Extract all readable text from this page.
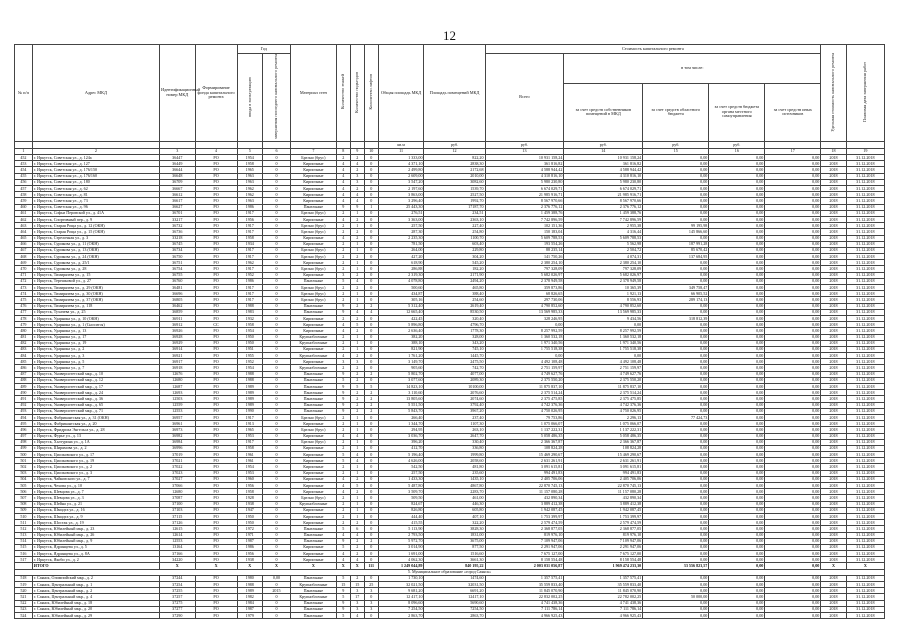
12
№ п/п	Адрес МКД	Идентификационный номер МКД	Формирование фонда капитального ремонта	Год		Материал стен	Количество этажей	Количество подъездов	Количество лифтов	Общая площадь МКД	Площадь помещений МКД	Стоимость капитального ремонта					Удельная стоимость капитального ремонта	Плановая дата завершения работ
				ввода в эксплуатацию	завершения последнего капитального ремонта							Всего	в том числе:					
													за счет средств собственников помещений в МКД	за счет средств областного бюджета	за счет средств бюджета органа местного самоуправления	за счет средств иных источников		
										кв.м	руб.	руб.	руб.	руб.	руб.			
1	2	3	4	5	6	7	8	9	10	11	12	13	14	15	16	17	18	19
452	г. Иркутск, Советская ул., д. 124а	36447	РО	1954	0	Брелно (брус)	2	2	0	1 333,00	822,20	10 931 158,24	10 931 158,24	0,00	0,00	0,00	2018	31.12.2018
453	г. Иркутск, Советская ул., д. 127	36449	РО	1958	0	Кирпичные	4	4	0	4 371,10	2838,30	361 816,82	361 816,82	0,00	0,00	0,00	2018	31.12.2018
454	г. Иркутск, Советская ул., д. 176/150	36644	РО	1965	0	Кирпичные	4	2	0	2 499,80	2172,68	4 588 944,42	4 588 944,42	0,00	0,00	0,00	2018	31.12.2018
455	г. Иркутск, Советская ул., д. 176/160	36648	РО	1963	0	Кирпичные	4	3	0	2 609,00	2010,00	4 310 816,10	4 310 816,10	0,00	0,00	0,00	2018	31.12.2018
456	г. Иркутск, Советская ул., д. 180	36709	РО	1963	0	Кирпичные	4	3	0	3 547,20	3082,60	5 980 230,80	5 980 230,80	0,00	0,00	0,00	2018	31.12.2018
457	г. Иркутск, Советская ул., д. 62	36667	РО	1962	0	Кирпичные	4	2	0	2 197,60	1539,70	6 674 029,71	6 674 029,71	0,00	0,00	0,00	2018	31.12.2018
458	г. Иркутск, Советская ул., д. 81	36612	РО	1962	0	Кирпичные	4	4	0	3 863,00	2527,50	21 985 916,71	21 985 916,71	0,00	0,00	0,00	2018	31.12.2018
459	г. Иркутск, Советская ул., д. 73	36617	РО	1963	0	Кирпичные	4	4	0	3 296,40	1992,70	8 567 970,66	8 567 970,66	0,00	0,00	0,00	2018	31.12.2018
460	г. Иркутск, Советская ул., д. 96	36627	РО	1986	0	Панельные	9	9	1	25 443,30	17187,70	2 376 776,12	2 376 776,12	0,00	0,00	0,00	2018	31.12.2018
461	г. Иркутск, Софьи Перовской ул., д. 41А	36701	РО	1917	0	Брелно (брус)	2	1	0	276,51	234,51	1 459 388,76	1 459 388,76	0,00	0,00	0,00	2018	31.12.2018
462	г. Иркутск, Спортивный пер., д. 9	33217	РО	1956	0	Кирпичные	4	2	0	3 363,00	2363,10	7 742 896,59	7 742 896,59	0,00	0,00	0,00	2018	31.12.2018
463	г. Иркутск, Старая Роща ул., д. 12 (ОКН)	36732	РО	1917	0	Брелно (брус)	2	1	0	257,50	227,40	102 151,36	2 955,38	99 195,98	0,00	0,00	2018	31.12.2018
464	г. Иркутск, Старая Роща ул., д. 15 (ОКН)	36736	РО	1917	0	Брелно (брус)	2	2	0	287,30	254,80	150 183,04	4 316,44	145 866,60	0,00	0,00	2018	31.12.2018
465	г. Иркутск, Стрелочная ул., д. 3	33218	РО	1958	0	Кирпичные	4	2	0	2 235,30	1100,70	5 609 788,53	5 609 788,53	0,00	0,00	0,00	2018	31.12.2018
466	г. Иркутск, Сурикова ул., д. 11 (ОКН)	36745	РО	1934	0	Кирпичные	2	1	0	781,50	603,40	193 554,26	5 562,98	187 991,28	0,00	0,00	2018	31.12.2018
467	г. Иркутск, Сурикова ул., д. 13 (ОКН)	36734	РО	1917	0	Брелно (брус)	2	1	0	264,00	229,80	88 235,14	2 504,72	85 670,42	0,00	0,00	2018	31.12.2018
468	г. Иркутск, Сурикова ул., д. 24 (ОКН)	36750	РО	1917	0	Брелно (брус)	2	2	0	427,20	304,20	141 750,26	4 074,31	137 684,95	0,00	0,00	2018	31.12.2018
469	г. Иркутск, Сурикова ул., д. 25/1	36751	РО	1962	0	Кирпичные	2	1	0	618,90	545,20	2 380 254,10	2 380 254,10	0,00	0,00	0,00	2018	31.12.2018
470	г. Иркутск, Сурикова ул., д. 28	36754	РО	1917	0	Брелно (брус)	2	1	0	286,88	182,20	797 328,09	797 328,09	0,00	0,00	0,00	2018	31.12.2018
471	г. Иркутск, Тимирязева ул., д. 15	36755	РО	1952	0	Кирпичные	3	2	0	2 319,30	2171,90	5 682 026,97	5 682 026,97	0,00	0,00	0,00	2018	31.12.2018
472	г. Иркутск, Терешковой ул., д. 27	36760	РО	1986	0	Панельные	5	4	0	4 078,80	2494,20	2 378 949,58	2 378 949,58	0,00	0,00	0,00	2018	31.12.2018
473	г. Иркутск, Тимирязева ул., д. 29 (ОКН)	36481	РО	1917	0	Брелно (брус)	2	2	0	500,60	465,80	359 873,86	10 365,39	349 758,47	0,00	0,00	2018	31.12.2018
474	г. Иркутск, Тимирязева ул., д. 30 (ОКН)	36696	РО	1917	0	Брелно (брус)	2	1	0	434,87	388,40	68 826,65	1 921,13	66 905,52	0,00	0,00	2018	31.12.2018
475	г. Иркутск, Тимирязева ул., д. 37 (ОКН)	36805	РО	1917	0	Брелно (брус)	2	1	0	305,16	254,60	297 730,06	8 556,93	289 174,13	0,00	0,00	2018	31.12.2018
476	г. Иркутск, Тимирязева ул., д. 118	36462	РО	1988	0	Панельные	9	2	2	5 312,40	2619,40	4 790 852,60	4 790 852,60	0,00	0,00	0,00	2018	31.12.2018
477	г. Иркутск, Тухачева ул., д. 25	36859	РО	1983	0	Панельные	9	4	4	12 665,40	8530,50	13 569 985,33	13 569 985,33	0,00	0,00	0,00	2018	31.12.2018
478	г. Иркутск, Ударника ул., д. 10 (ОКН)	36911	РО	1932	0	Кирпичные	2	2	0	422,45	320,40	328 246,95	9 434,56	318 812,39	0,00	0,00	2018	31.12.2018
479	г. Иркутск, Ударника ул., д. 1 (Сносится)	36912	СС	1958	0	Кирпичные	4	5	0	5 896,80	4796,70	0,00	0,00	0,00	0,00	0,00	2018	31.12.2018
480	г. Иркутск, Ударника ул., д. 13	36926	РО	1954	0	Кирпичные	4	2	0	2 636,40	1778,30	8 257 992,59	8 257 992,59	0,00	0,00	0,00	2018	31.12.2018
481	г. Иркутск, Ударника ул., д. 17	36928	РО	1950	0	Крупноблочные	2	1	0	382,20	328,00	1 360 532,18	1 360 532,18	0,00	0,00	0,00	2018	31.12.2018
482	г. Иркутск, Ударника ул., д. 19	36929	РО	1950	0	Крупноблочные	2	1	0	388,10	343,20	1 971 340,56	1 971 340,56	0,00	0,00	0,00	2018	31.12.2018
483	г. Иркутск, Ударника ул., д. 2	36914	РО	1951	0	Кирпичные	2	1	0	821,90	745,10	1 755 518,38	1 755 518,38	0,00	0,00	0,00	2018	31.12.2018
484	г. Иркутск, Ударника ул., д. 3	36921	РО	1955	0	Крупноблочные	4	2	0	1 761,20	1445,70	0,00	0,00	0,00	0,00	0,00	2018	31.12.2018
485	г. Иркутск, Ударника ул., д. 5	36917	РО	1952	0	Кирпичные	3	3	0	3 149,70	2475,50	4 492 108,48	4 492 108,48	0,00	0,00	0,00	2018	31.12.2018
486	г. Иркутск, Ударника ул., д. 7	36918	РО	1954	0	Крупноблочные	2	2	0	905,60	742,70	2 751 159,97	2 751 159,97	0,00	0,00	0,00	2018	31.12.2018
487	г. Иркутск, Университетский мкр., д. 10	12676	РО	1988	0	Панельные	9	2	2	5 802,70	4077,00	4 749 627,76	4 749 627,76	0,00	0,00	0,00	2018	31.12.2018
488	г. Иркутск, Университетский мкр., д. 12	12680	РО	1988	0	Панельные	5	2	0	3 077,60	2089,30	2 375 550,20	2 375 550,20	0,00	0,00	0,00	2018	31.12.2018
489	г. Иркутск, Университетский мкр., д. 17	12687	РО	1989	0	Панельные	9	5	5	14 823,10	10100,00	11 875 837,10	11 875 837,10	0,00	0,00	0,00	2018	31.12.2018
490	г. Иркутск, Университетский мкр., д. 24	12693	РО	1989	0	Панельные	9	2	2	3 110,60	2076,60	2 375 514,24	2 375 514,24	0,00	0,00	0,00	2018	31.12.2018
491	г. Иркутск, Университетский мкр., д. 36	12503	РО	1989	0	Панельные	9	2	2	13 805,60	2074,60	2 375 475,85	2 375 475,85	0,00	0,00	0,00	2018	31.12.2018
492	г. Иркутск, Университетский мкр., д. 65	12559	РО	1989	0	Панельные	9	2	2	5 551,50	3792,40	4 742 376,36	4 742 376,36	0,00	0,00	0,00	2018	31.12.2018
493	г. Иркутск, Университетский мкр., д. 71	12553	РО	1990	0	Панельные	9	2	2	5 843,70	3967,20	4 750 026,95	4 750 026,95	0,00	0,00	0,00	2018	31.12.2018
494	г. Иркутск, Фабрикантская ул., д. 31 (ОКН)	36957	РО	1917	0	Брелно (брус)	2	1	0	266,40	237,40	79 753,86	2 296,13	77 424,73	0,00	0,00	2018	31.12.2018
495	г. Иркутск, Фабрикантская ул., д. 20	36961	РО	1913	0	Кирпичные	2	1	0	1 344,70	1107,30	1 075 066,07	1 075 066,07	0,00	0,00	0,00	2018	31.12.2018
496	г. Иркутск, Фридриха Энгельса ул., д. 28	36973	РО	1965	0	Брелно (брус)	2	1	0	294,95	263,10	1 137 222,31	1 137 222,31	0,00	0,00	0,00	2018	31.12.2018
497	г. Иркутск, Фурье ул., д. 13	36982	РО	1953	0	Кирпичные	4	4	0	3 036,70	2647,70	5 058 486,35	5 058 486,35	0,00	0,00	0,00	2018	31.12.2018
498	г. Иркутск, Халтурина ул., д. 1А	36984	РО	1917	0	Брелно (брус)	2	1	0	396,20	330,40	2 366 367,87	2 366 367,87	0,00	0,00	0,00	2018	31.12.2018
499	г. Иркутск, Ширямова ул., д. 2	36996	РО	1958	0	Кирпичные	2	1	0	412,70	336,80	108 824,28	108 824,28	0,00	0,00	0,00	2018	31.12.2018
500	г. Иркутск, Циолковского ул., д. 17	37019	РО	1961	0	Кирпичные	5	4	0	5 196,40	1999,80	15 469 290,67	15 469 290,67	0,00	0,00	0,00	2018	31.12.2018
501	г. Иркутск, Циолковского ул., д. 19	37021	РО	1961	0	Кирпичные	5	4	0	4 626,00	2058,60	2 631 261,91	2 631 261,91	0,00	0,00	0,00	2018	31.12.2018
502	г. Иркутск, Циолковского ул., д. 2	37022	РО	1954	0	Кирпичные	2	1	0	542,50	481,80	3 091 615,81	3 091 615,81	0,00	0,00	0,00	2018	31.12.2018
503	г. Иркутск, Циолковского ул., д. 3	37023	РО	1953	0	Кирпичные	2	1	0	257,50	235,60	994 491,83	994 491,83	0,00	0,00	0,00	2018	31.12.2018
504	г. Иркутск, Чайковского ул., д. 7	37027	РО	1960	0	Кирпичные	4	2	0	1 433,30	1435,10	2 405 706,06	2 405 706,06	0,00	0,00	0,00	2018	31.12.2018
505	г. Иркутск, Чехова ул., д. 10	37066	РО	1956	0	Кирпичные	4	5	0	5 487,80	4867,80	22 870 745,13	22 870 745,13	0,00	0,00	0,00	2018	31.12.2018
506	г. Иркутск, Шевцова ул., д. 7	12680	РО	1958	0	Кирпичные	4	2	0	3 509,70	2283,70	11 157 080,28	11 157 080,28	0,00	0,00	0,00	2018	31.12.2018
507	г. Иркутск, Шевцова ул., д. 3	37087	РО	1928	0	Брелно (брус)	2	1	0	509,50	461,00	432 890,34	432 890,34	0,00	0,00	0,00	2018	31.12.2018
508	г. Иркутск, Шейна ул., д. 21	37100	РО	1938	0	Крупноблочные	2	1	0	824,67	446,30	3 889 412,38	3 889 412,38	0,00	0,00	0,00	2018	31.12.2018
509	г. Иркутск, Шмидта ул., д. 16	37103	РО	1947	0	Кирпичные	2	1	0	826,80	605,80	1 942 087,45	1 942 087,45	0,00	0,00	0,00	2018	31.12.2018
510	г. Иркутск, Шмидта ул., д. 9	37115	РО	1950	0	Кирпичные	2	1	0	444,40	407,10	1 753 399,97	1 753 399,97	0,00	0,00	0,00	2018	31.12.2018
511	г. Иркутск, Шостак ул., д. 19	37126	РО	1950	0	Кирпичные	2	2	0	415,55	322,20	2 579 474,59	2 579 474,59	0,00	0,00	0,00	2018	31.12.2018
512	г. Иркутск, Юбилейный мкр., д. 23	12615	РО	1972	0	Панельные	5	6	0	5 113,90	3828,30	2 368 877,05	2 368 877,05	0,00	0,00	0,00	2018	31.12.2018
513	г. Иркутск, Юбилейный мкр., д. 26	12614	РО	1971	0	Панельные	4	4	0	2 793,50	1831,00	819 976,10	819 976,10	0,00	0,00	0,00	2018	31.12.2018
514	г. Иркутск, Юбилейный мкр., д. 9	12553	РО	1987	0	Панельные	9	2	2	5 972,70	3675,00	7 109 947,06	7 109 947,06	0,00	0,00	0,00	2018	31.12.2018
515	г. Иркутск, Ядринцева ул., д. 5	13164	РО	1986	0	Кирпичные	5	2	0	3 014,90	877,50	2 291 947,06	2 291 947,06	0,00	0,00	0,00	2018	31.12.2018
516	г. Иркутск, Ядринцева ул., д. 8А	37166	РО	1956	0	Кирпичные	4	2	0	1 691,00	1516,60	7 675 127,00	7 675 127,00	0,00	0,00	0,00	2018	31.12.2018
517	г. Иркутск, Якоби ул., д. 2	34220	РО	1938	0	Кирпичные	4	4	0	4 062,30	3661,30	8 158 554,48	8 158 554,48	0,00	0,00	0,00	2018	31.12.2018
	ИТОГО	Х	Х	Х	Х	Х	Х	Х	111	1 249 044,89	840 195,22	2 003 031 056,87	1 969 474 233,30	33 556 823,57	0,00	0,00	Х	Х
5. Муниципальное образование «город Саянск»																		
518	г. Саянск, Олимпийский мкр., д. 2	37244	РО	1980	0,00	Панельные	5	2	0	1 730,10	1474,60	1 357 575,41	1 357 575,41	0,00	0,00	0,00	2018	31.12.2018
519	г. Саянск, Центральный мкр., д. 1	37254	РО	1988	0	Крупноблочные	15	15	25	32 021,50	32031,50	35 559 833,40	35 559 833,40	0,00	0,00	0,00	2018	31.12.2018
520	г. Саянск, Центральный мкр., д. 2	37255	РО	1989	2015	Панельные	9	3	3	9 681,20	6691,20	11 845 070,90	11 845 070,90	0,00	0,00	0,00	2018	31.12.2018
521	г. Саянск, Центральный мкр., д. 4	37257	РО	1982	0	Крупноблочные	5	17	0	12 417,10	12417,10	22 832 002,25	22 782 002,25	50 000,00	0,00	0,00	2018	31.12.2018
522	г. Саянск, Юбилейный мкр., д. 18	37275	РО	1984	0	Панельные	9	3	3	8 096,60	5690,60	4 741 438,36	4 741 438,36	0,00	0,00	0,00	2018	31.12.2018
523	г. Саянск, Юбилейный мкр., д. 20	37277	РО	1987	0	Панельные	9	3	3	7 254,50	7254,50	7 111 786,14	7 111 786,14	0,00	0,00	0,00	2018	31.12.2018
524	г. Саянск, Юбилейный мкр., д. 29	37290	РО	1979	0	Панельные	5	4	0	2 863,70	2863,70	4 966 925,43	4 966 925,43	0,00	0,00	0,00	2018	31.12.2018
